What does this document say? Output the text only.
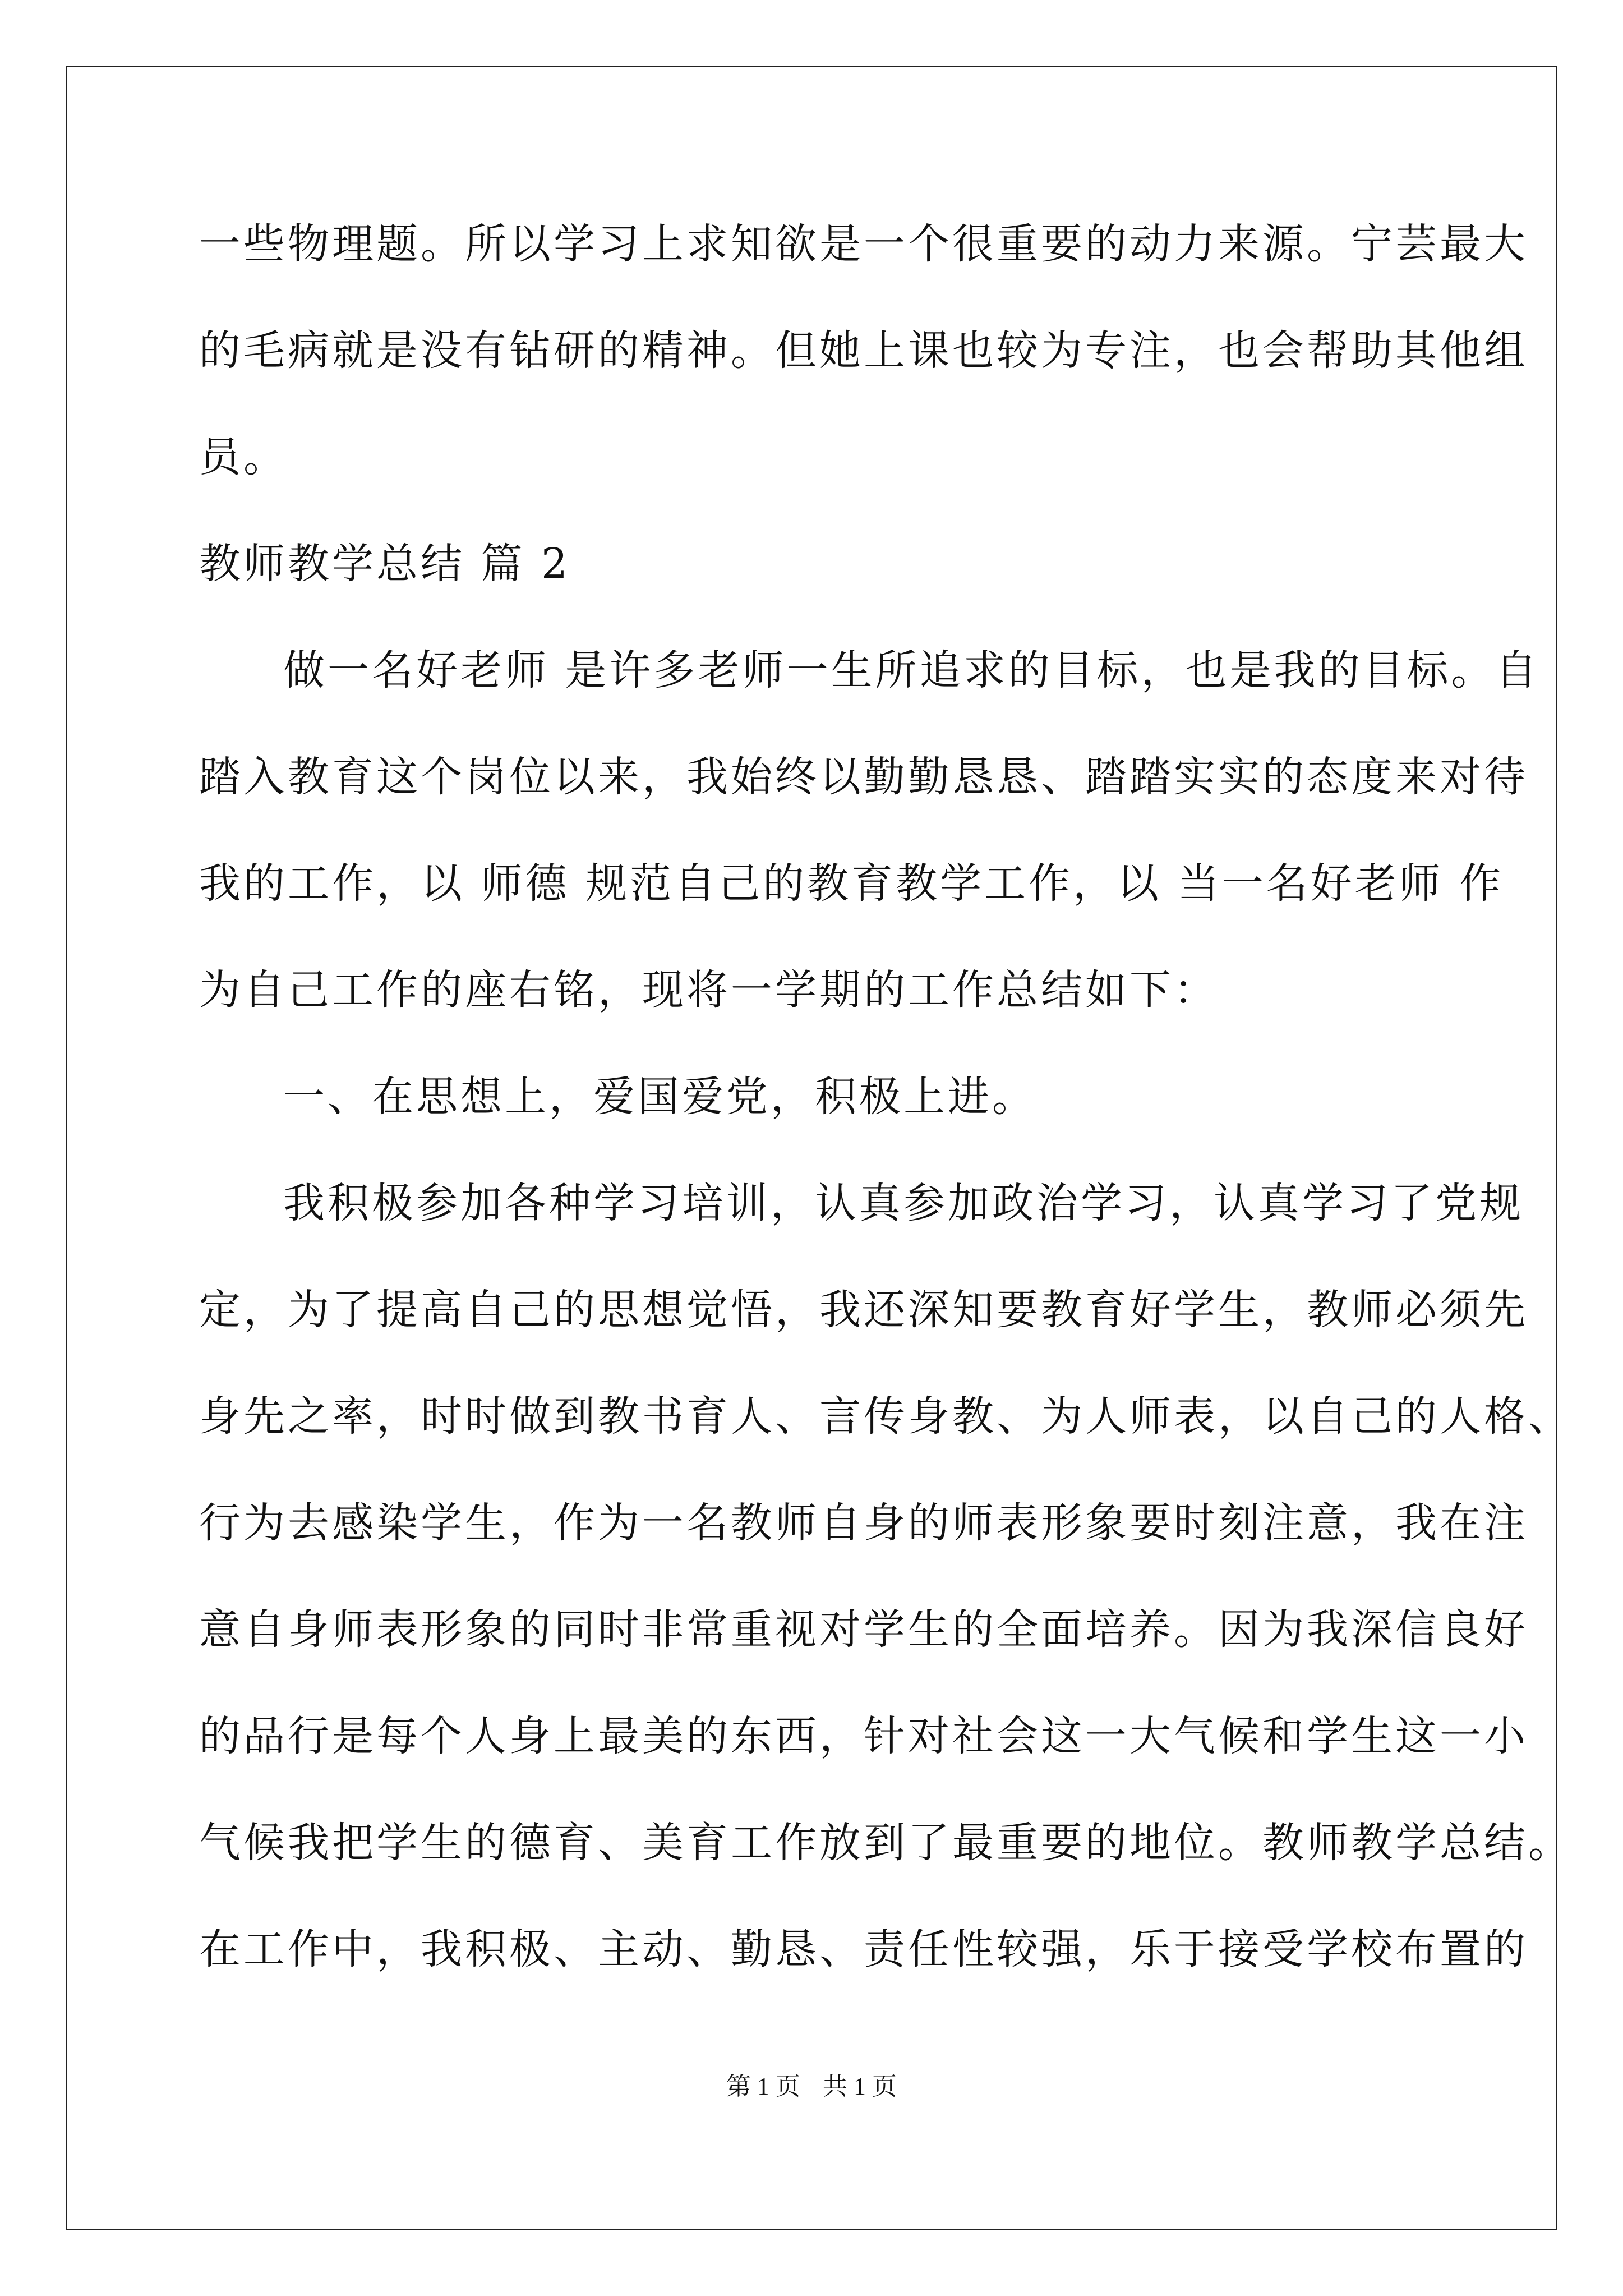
一些物理题。所以学习上求知欲是一个很重要的动力来源。宁芸最大
的毛病就是没有钻研的精神。但她上课也较为专注，也会帮助其他组
员。
教师教学总结 篇 2
做一名好老师 是许多老师一生所追求的目标，也是我的目标。自
踏入教育这个岗位以来，我始终以勤勤恳恳、踏踏实实的态度来对待
我的工作，以 师德 规范自己的教育教学工作，以 当一名好老师 作
为自己工作的座右铭，现将一学期的工作总结如下：
一、在思想上，爱国爱党，积极上进。
我积极参加各种学习培训，认真参加政治学习，认真学习了党规
定，为了提高自己的思想觉悟，我还深知要教育好学生，教师必须先
身先之率，时时做到教书育人、言传身教、为人师表，以自己的人格、
行为去感染学生，作为一名教师自身的师表形象要时刻注意，我在注
意自身师表形象的同时非常重视对学生的全面培养。因为我深信良好
的品行是每个人身上最美的东西，针对社会这一大气候和学生这一小
气候我把学生的德育、美育工作放到了最重要的地位。教师教学总结。
在工作中，我积极、主动、勤恳、责任性较强，乐于接受学校布置的
第 1 页 共 1 页
